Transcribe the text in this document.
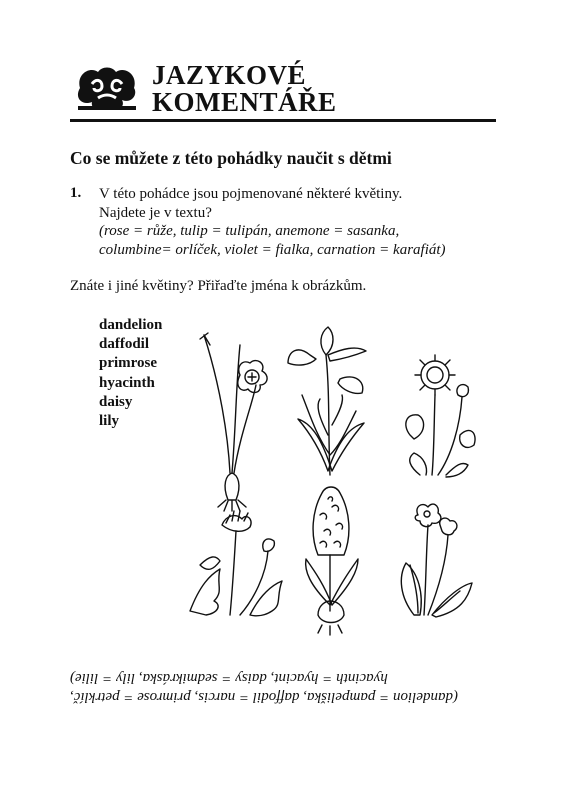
JAZYKOVÉ
KOMENTÁŘE
Co se můžete z této pohádky naučit s dětmi
1. V této pohádce jsou pojmenované některé květiny.
Najdete je v textu?
(rose = růže, tulip = tulipán, anemone = sasanka,
columbine= orlíček, violet = fialka, carnation = karafiát)
Znáte i jiné květiny? Přiřaďte jména k obrázkům.
dandelion
daffodil
primrose
hyacinth
daisy
lily
(dandelion = pampeliška, daffodil = narcis, primrose = petrklíč,
hyacinth = hyacint, daisy = sedmikráska, lily = lilie)
